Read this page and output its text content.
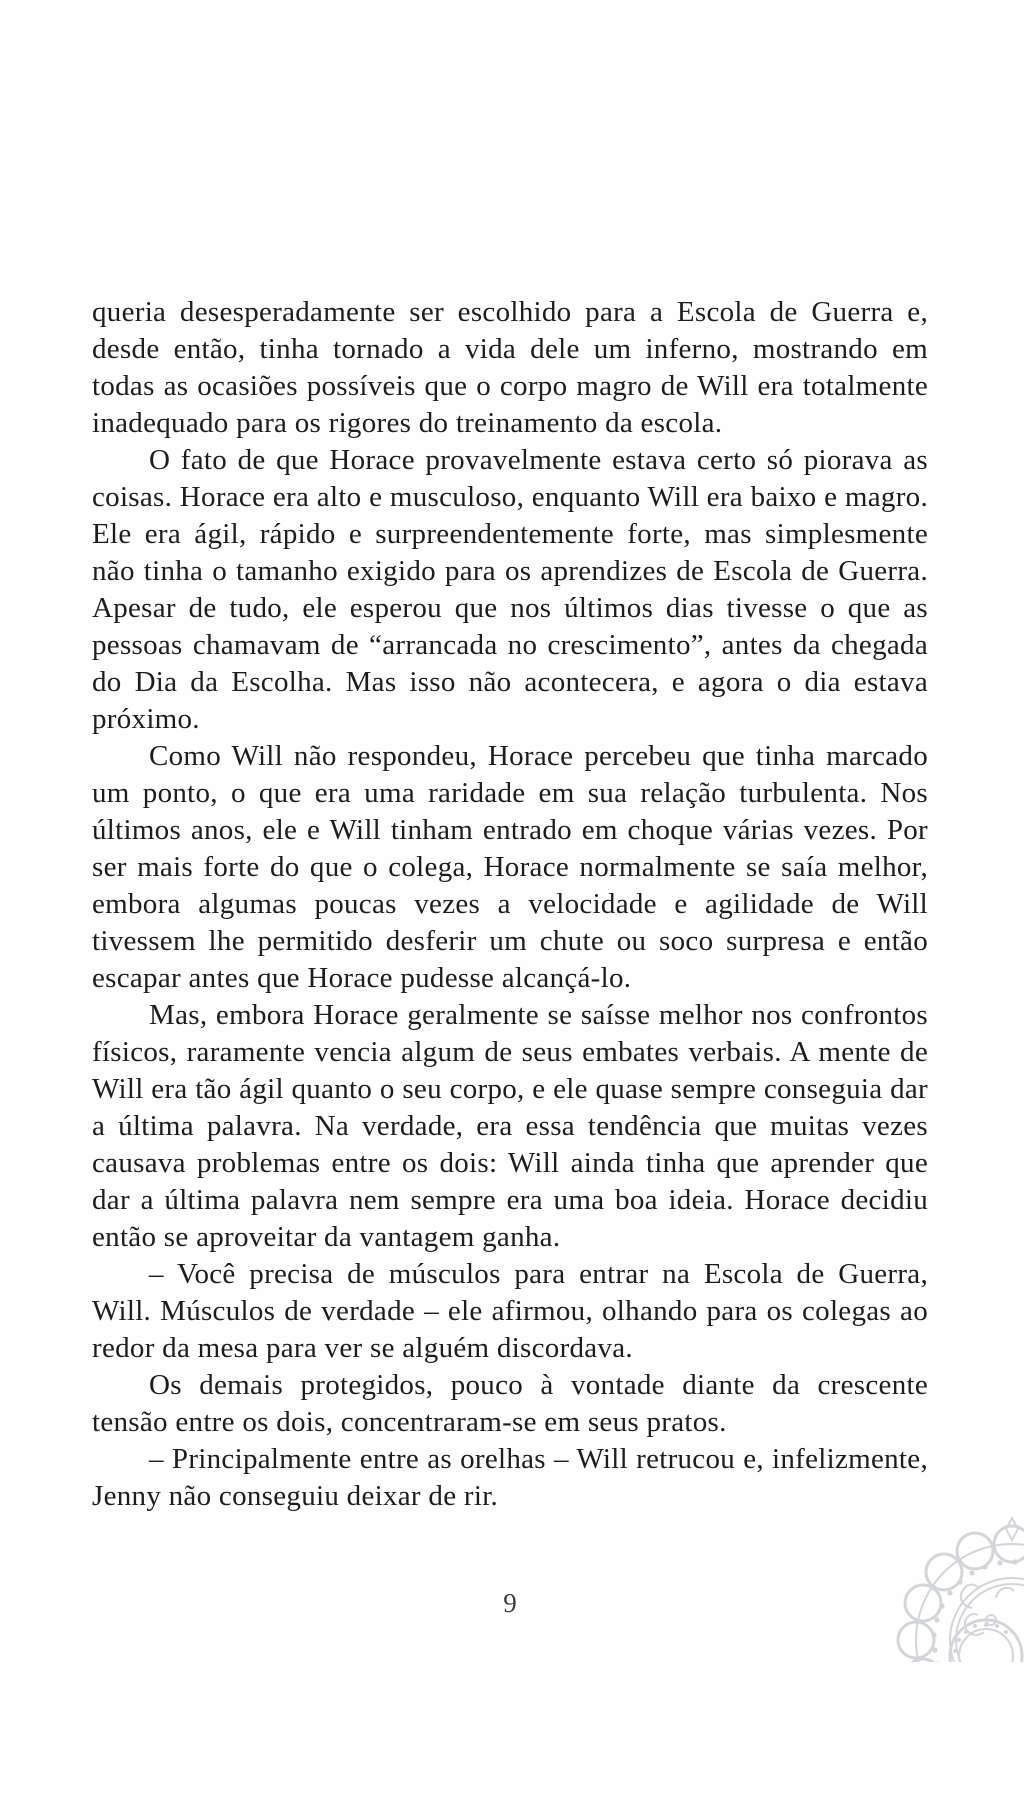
queria desesperadamente ser escolhido para a Escola de Guerra e, desde então, tinha tornado a vida dele um inferno, mostrando em todas as ocasiões possíveis que o corpo magro de Will era totalmente inadequado para os rigores do treinamento da escola.

O fato de que Horace provavelmente estava certo só piorava as coisas. Horace era alto e musculoso, enquanto Will era baixo e magro. Ele era ágil, rápido e surpreendentemente forte, mas simplesmente não tinha o tamanho exigido para os aprendizes de Escola de Guerra. Apesar de tudo, ele esperou que nos últimos dias tivesse o que as pessoas chamavam de “arrancada no crescimento”, antes da chegada do Dia da Escolha. Mas isso não acontecera, e agora o dia estava próximo.

Como Will não respondeu, Horace percebeu que tinha marcado um ponto, o que era uma raridade em sua relação turbulenta. Nos últimos anos, ele e Will tinham entrado em choque várias vezes. Por ser mais forte do que o colega, Horace normalmente se saía melhor, embora algumas poucas vezes a velocidade e agilidade de Will tivessem lhe permitido desferir um chute ou soco surpresa e então escapar antes que Horace pudesse alcançá-lo.

Mas, embora Horace geralmente se saísse melhor nos confrontos físicos, raramente vencia algum de seus embates verbais. A mente de Will era tão ágil quanto o seu corpo, e ele quase sempre conseguia dar a última palavra. Na verdade, era essa tendência que muitas vezes causava problemas entre os dois: Will ainda tinha que aprender que dar a última palavra nem sempre era uma boa ideia. Horace decidiu então se aproveitar da vantagem ganha.

– Você precisa de músculos para entrar na Escola de Guerra, Will. Músculos de verdade – ele afirmou, olhando para os colegas ao redor da mesa para ver se alguém discordava.

Os demais protegidos, pouco à vontade diante da crescente tensão entre os dois, concentraram-se em seus pratos.

– Principalmente entre as orelhas – Will retrucou e, infelizmente, Jenny não conseguiu deixar de rir.

9
